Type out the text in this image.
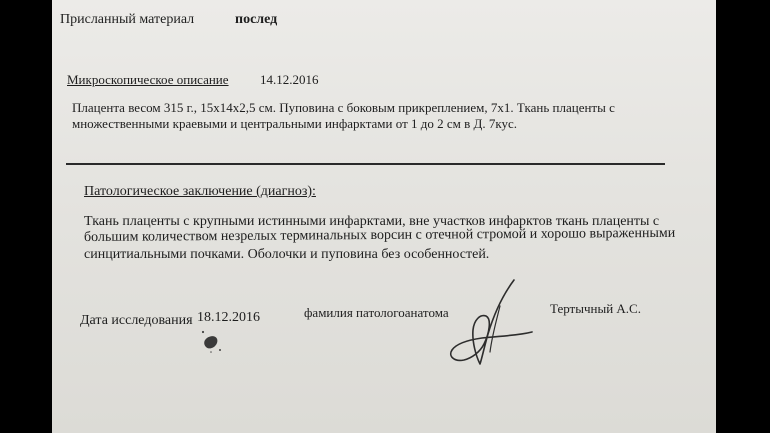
Присланный материал	послед
Микроскопическое описание 14.12.2016
Плацента весом 315 г., 15х14х2,5 см. Пуповина с боковым прикреплением, 7х1. Ткань плаценты с
множественными краевыми и центральными инфарктами от 1 до 2 см в Д. 7кус.
Патологическое заключение (диагноз):
Ткань плаценты с крупными истинными инфарктами, вне участков инфарктов ткань плаценты с
большим количеством незрелых терминальных ворсин с отечной стромой и хорошо выраженными
синцитиальными почками. Оболочки и пуповина без особенностей.
Дата исследования 18.12.2016	фамилия патологоанатома	Тертычный А.С.
